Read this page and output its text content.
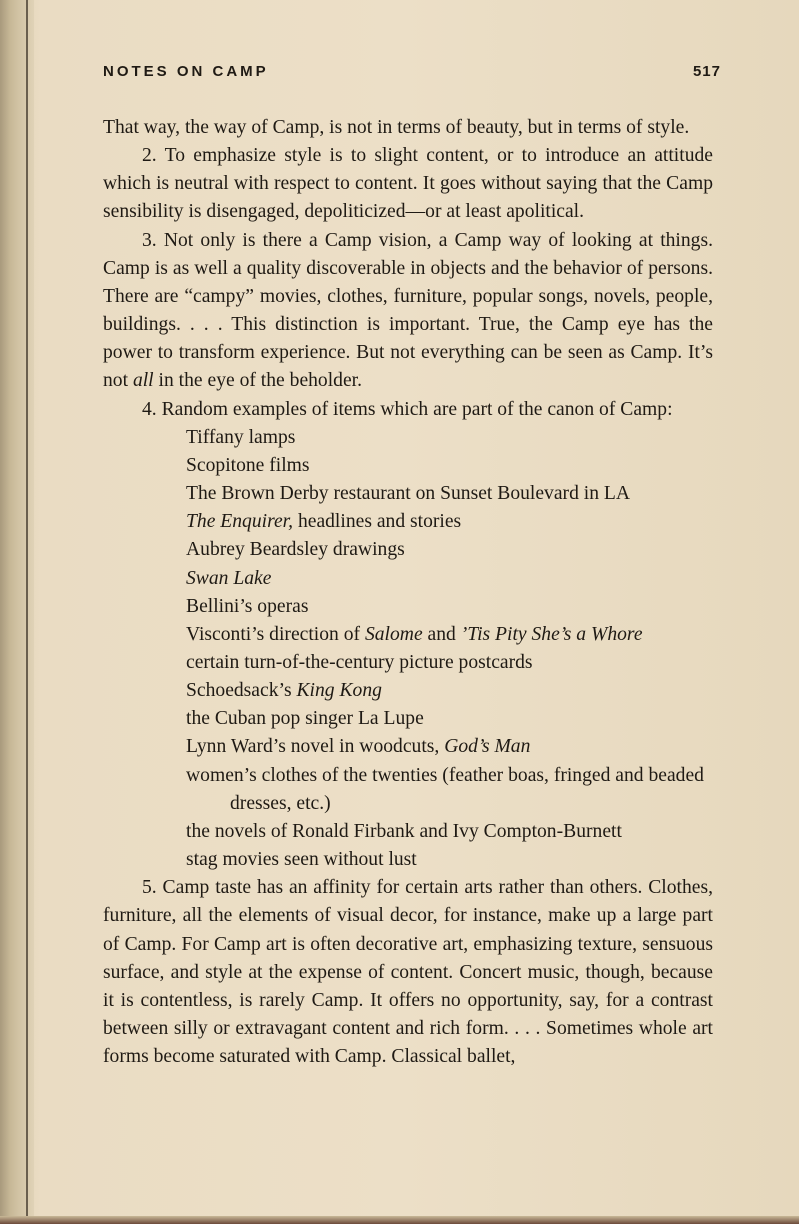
NOTES ON CAMP	517

That way, the way of Camp, is not in terms of beauty, but in terms of style.

2. To emphasize style is to slight content, or to introduce an attitude which is neutral with respect to content. It goes without saying that the Camp sensibility is disengaged, depoliticized—or at least apolitical.

3. Not only is there a Camp vision, a Camp way of looking at things. Camp is as well a quality discoverable in objects and the behavior of persons. There are “campy” movies, clothes, furniture, popular songs, novels, people, buildings. . . . This distinction is important. True, the Camp eye has the power to transform experience. But not everything can be seen as Camp. It’s not all in the eye of the beholder.

4. Random examples of items which are part of the canon of Camp:

Tiffany lamps
Scopitone films
The Brown Derby restaurant on Sunset Boulevard in LA
The Enquirer, headlines and stories
Aubrey Beardsley drawings
Swan Lake
Bellini’s operas
Visconti’s direction of Salome and ’Tis Pity She’s a Whore
certain turn-of-the-century picture postcards
Schoedsack’s King Kong
the Cuban pop singer La Lupe
Lynn Ward’s novel in woodcuts, God’s Man
women’s clothes of the twenties (feather boas, fringed and beaded dresses, etc.)
the novels of Ronald Firbank and Ivy Compton-Burnett
stag movies seen without lust

5. Camp taste has an affinity for certain arts rather than others. Clothes, furniture, all the elements of visual decor, for instance, make up a large part of Camp. For Camp art is often decorative art, emphasizing texture, sensuous surface, and style at the expense of content. Concert music, though, because it is contentless, is rarely Camp. It offers no opportunity, say, for a contrast between silly or extravagant content and rich form. . . . Sometimes whole art forms become saturated with Camp. Classical ballet,
